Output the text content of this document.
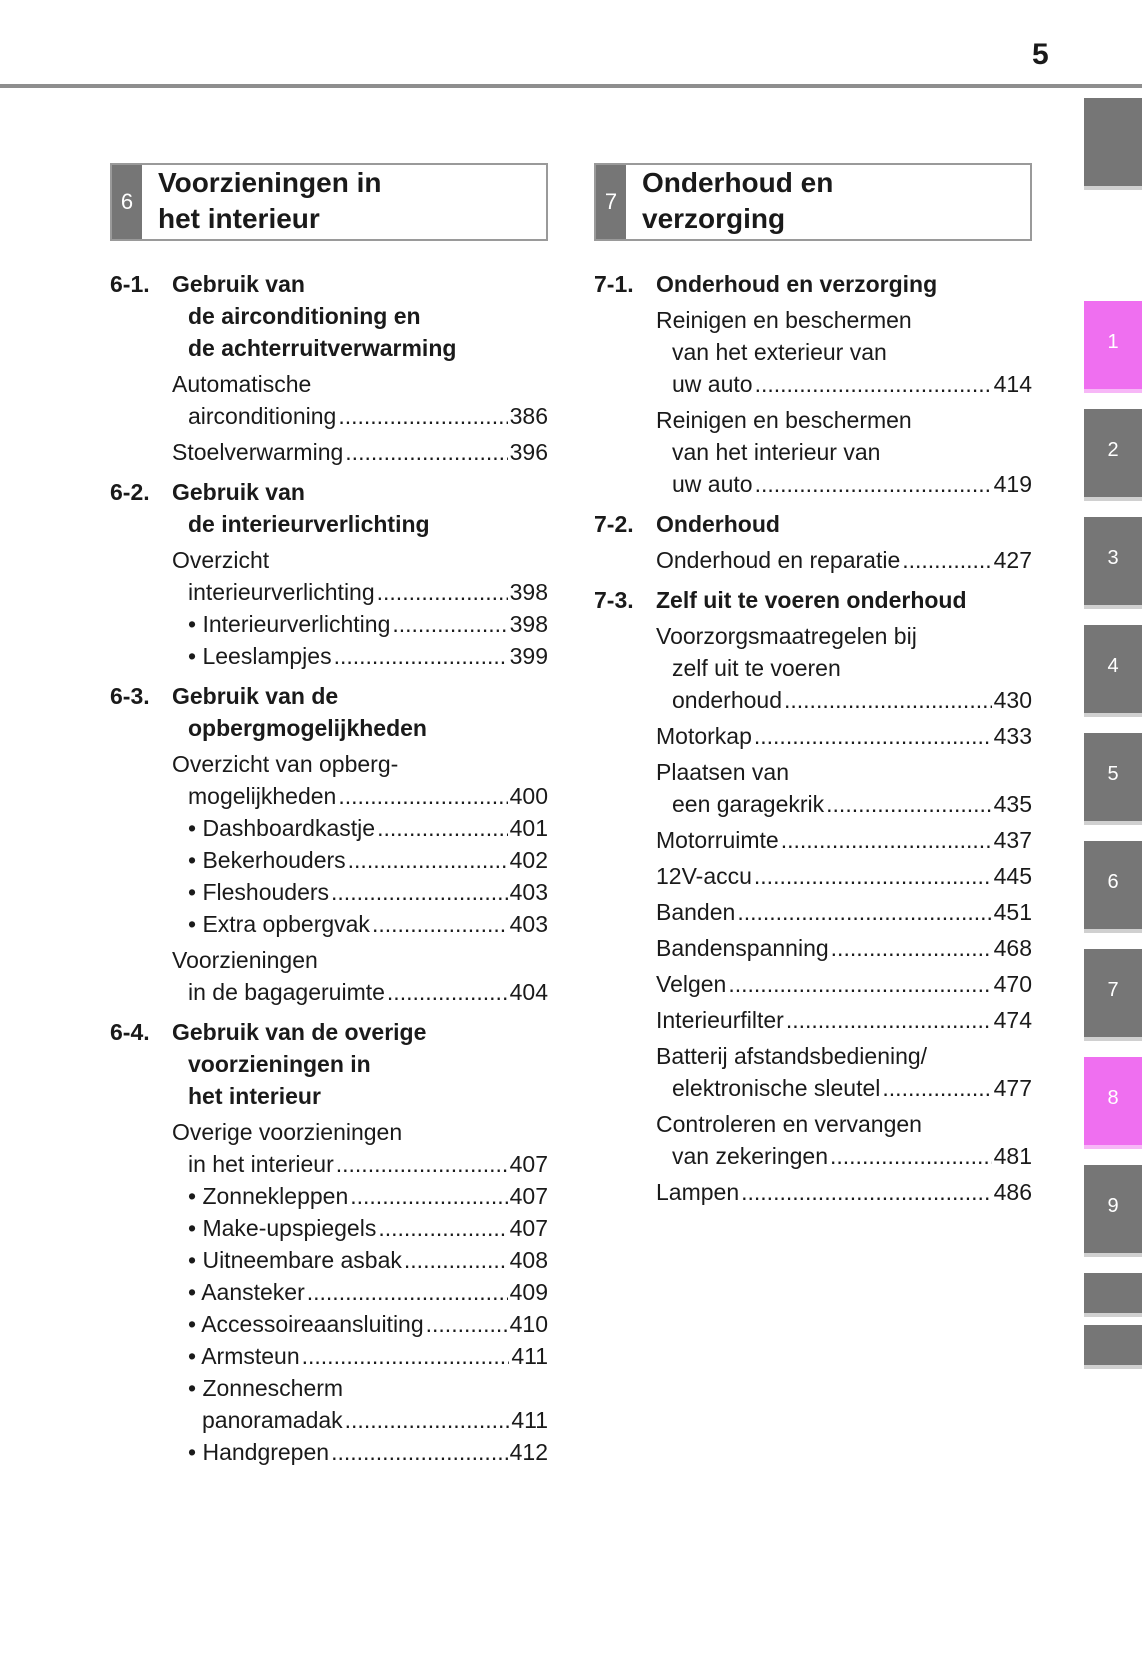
5
1
2
3
4
5
6
7
8
9
6
Voorzieningen in
het interieur
6-1. Gebruik van
de airconditioning en
de achterruitverwarming
Automatische
airconditioning .....	386
Stoelverwarming .....	396
6-2. Gebruik van
de interieurverlichting
Overzicht
interieurverlichting .....	398
• Interieurverlichting .....	398
• Leeslampjes .....	399
6-3. Gebruik van de
opbergmogelijkheden
Overzicht van opberg-
mogelijkheden .....	400
• Dashboardkastje .....	401
• Bekerhouders .....	402
• Fleshouders .....	403
• Extra opbergvak .....	403
Voorzieningen
in de bagageruimte .....	404
6-4. Gebruik van de overige
voorzieningen in
het interieur
Overige voorzieningen
in het interieur .....	407
• Zonnekleppen .....	407
• Make-upspiegels .....	407
• Uitneembare asbak .....	408
• Aansteker .....	409
• Accessoireaansluiting .....	410
• Armsteun .....	411
• Zonnescherm
panoramadak .....	411
• Handgrepen .....	412
7
Onderhoud en
verzorging
7-1. Onderhoud en verzorging
Reinigen en beschermen
van het exterieur van
uw auto .....	414
Reinigen en beschermen
van het interieur van
uw auto .....	419
7-2. Onderhoud
Onderhoud en reparatie .....	427
7-3. Zelf uit te voeren onderhoud
Voorzorgsmaatregelen bij
zelf uit te voeren
onderhoud .....	430
Motorkap .....	433
Plaatsen van
een garagekrik .....	435
Motorruimte .....	437
12V-accu .....	445
Banden .....	451
Bandenspanning .....	468
Velgen .....	470
Interieurfilter .....	474
Batterij afstandsbediening/
elektronische sleutel .....	477
Controleren en vervangen
van zekeringen .....	481
Lampen .....	486
